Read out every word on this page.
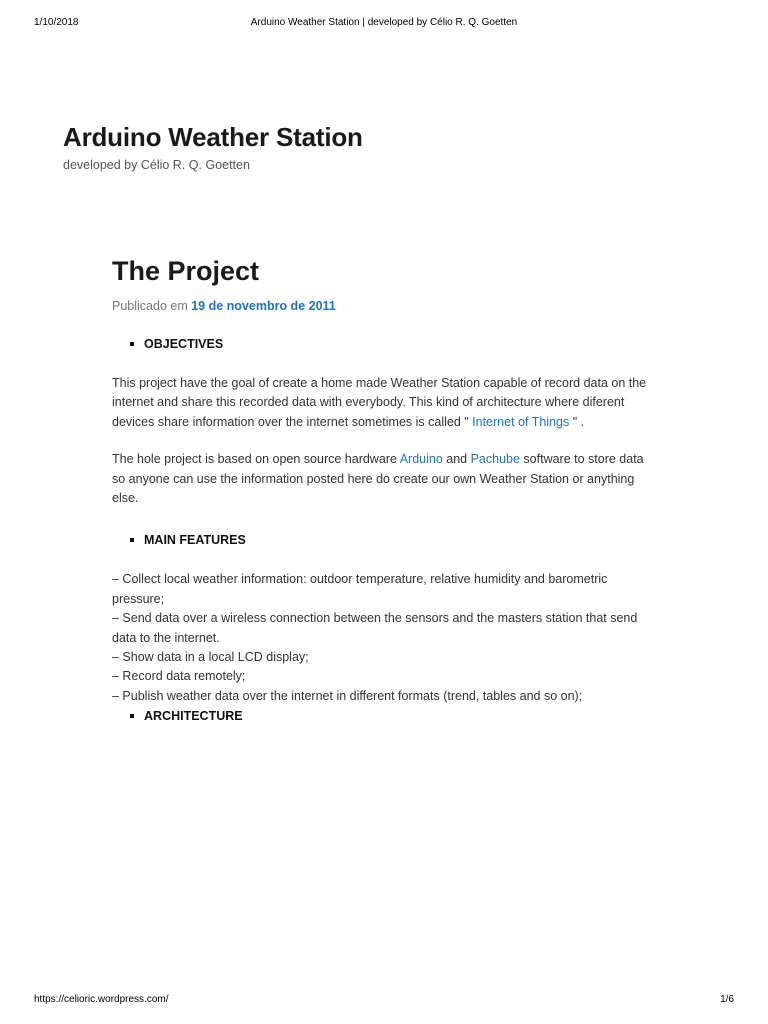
1/10/2018	Arduino Weather Station | developed by Célio R. Q. Goetten
Arduino Weather Station

developed by Célio R. Q. Goetten

The Project
Publicado em 19 de novembro de 2011
OBJECTIVES

This project have the goal of create a home made Weather Station capable of record data on the internet and share this recorded data with everybody. This kind of architecture where diferent devices share information over the internet sometimes is called " Internet of Things " .

The hole project is based on open source hardware Arduino and Pachube software to store data so anyone can use the information posted here do create our own Weather Station or anything else.

MAIN FEATURES

– Collect local weather information: outdoor temperature, relative humidity and barometric pressure;

– Send data over a wireless connection between the sensors and the masters station that send data to the internet.

– Show data in a local LCD display;

– Record data remotely;

– Publish weather data over the internet in different formats (trend, tables and so on);

ARCHITECTURE
https://celioric.wordpress.com/	1/6
